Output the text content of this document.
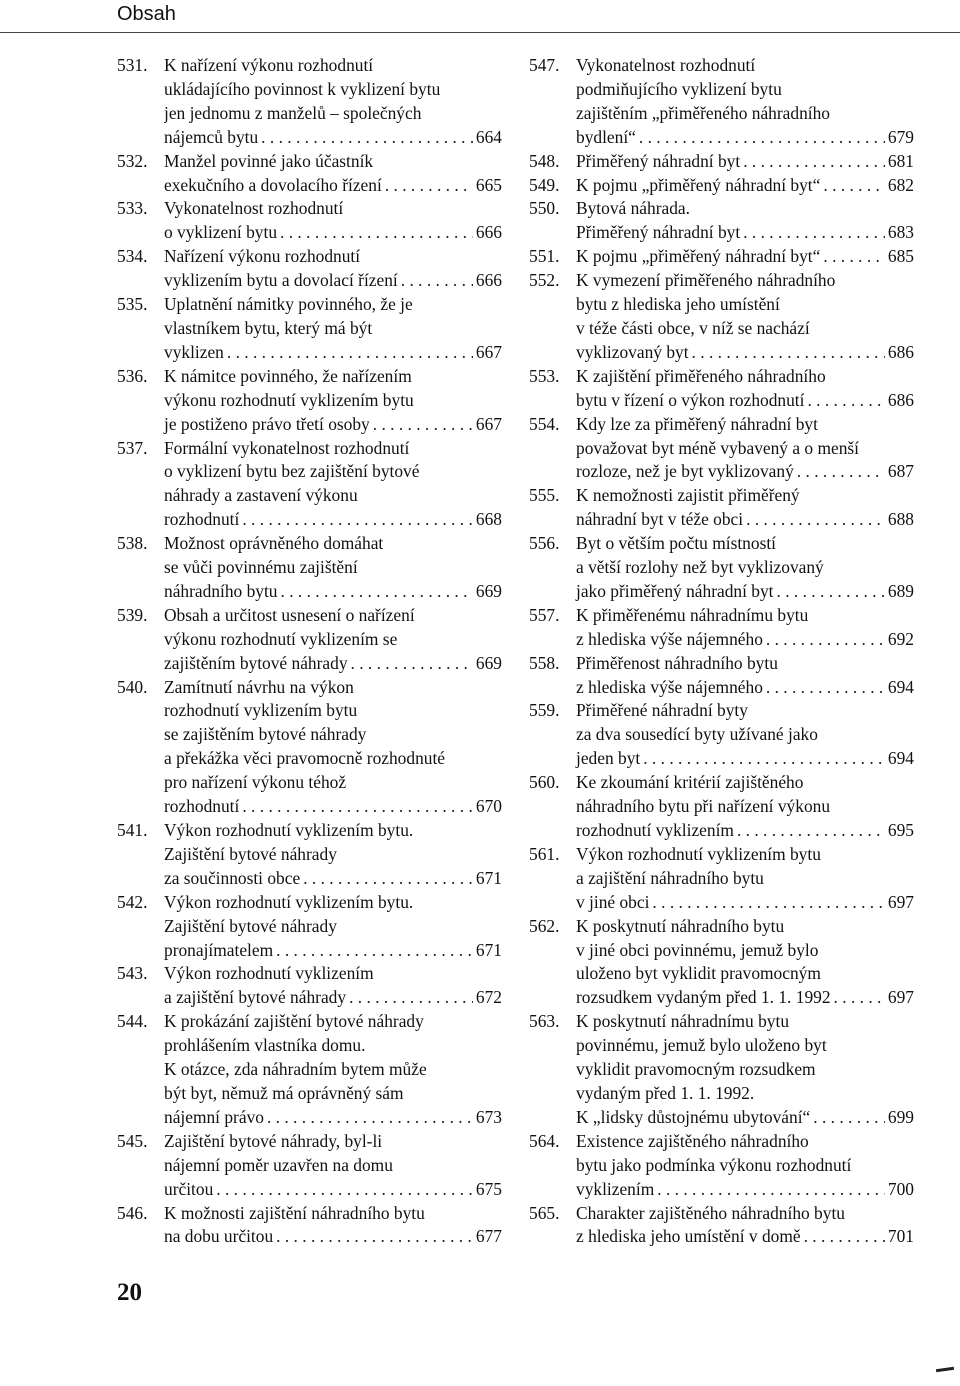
Obsah
531. K nařízení výkonu rozhodnutí
ukládajícího povinnost k vyklizení bytu
jen jednomu z manželů – společných
nájemců bytu . . .	664
532. Manžel povinné jako účastník
exekučního a dovolacího řízení . . .	665
533. Vykonatelnost rozhodnutí
o vyklizení bytu . . .	666
534. Nařízení výkonu rozhodnutí
vyklizením bytu a dovolací řízení . . .	666
535. Uplatnění námitky povinného, že je
vlastníkem bytu, který má být
vyklizen . . .	667
536. K námitce povinného, že nařízením
výkonu rozhodnutí vyklizením bytu
je postiženo právo třetí osoby . . .	667
537. Formální vykonatelnost rozhodnutí
o vyklizení bytu bez zajištění bytové
náhrady a zastavení výkonu
rozhodnutí . . .	668
538. Možnost oprávněného domáhat
se vůči povinnému zajištění
náhradního bytu . . .	669
539. Obsah a určitost usnesení o nařízení
výkonu rozhodnutí vyklizením se
zajištěním bytové náhrady . . .	669
540. Zamítnutí návrhu na výkon
rozhodnutí vyklizením bytu
se zajištěním bytové náhrady
a překážka věci pravomocně rozhodnuté
pro nařízení výkonu téhož
rozhodnutí . . .	670
541. Výkon rozhodnutí vyklizením bytu.
Zajištění bytové náhrady
za součinnosti obce . . .	671
542. Výkon rozhodnutí vyklizením bytu.
Zajištění bytové náhrady
pronajímatelem . . .	671
543. Výkon rozhodnutí vyklizením
a zajištění bytové náhrady . . .	672
544. K prokázání zajištění bytové náhrady
prohlášením vlastníka domu.
K otázce, zda náhradním bytem může
být byt, němuž má oprávněný sám
nájemní právo . . .	673
545. Zajištění bytové náhrady, byl-li
nájemní poměr uzavřen na domu
určitou . . .	675
546. K možnosti zajištění náhradního bytu
na dobu určitou . . .	677
547. Vykonatelnost rozhodnutí
podmiňujícího vyklizení bytu
zajištěním „přiměřeného náhradního
bydlení“ . . .	679
548. Přiměřený náhradní byt . . .	681
549. K pojmu „přiměřený náhradní byt“ . . .	682
550. Bytová náhrada.
Přiměřený náhradní byt . . .	683
551. K pojmu „přiměřený náhradní byt“ . . .	685
552. K vymezení přiměřeného náhradního
bytu z hlediska jeho umístění
v téže části obce, v níž se nachází
vyklizovaný byt . . .	686
553. K zajištění přiměřeného náhradního
bytu v řízení o výkon rozhodnutí . . .	686
554. Kdy lze za přiměřený náhradní byt
považovat byt méně vybavený a o menší
rozloze, než je byt vyklizovaný . . .	687
555. K nemožnosti zajistit přiměřený
náhradní byt v téže obci . . .	688
556. Byt o větším počtu místností
a větší rozlohy než byt vyklizovaný
jako přiměřený náhradní byt . . .	689
557. K přiměřenému náhradnímu bytu
z hlediska výše nájemného . . .	692
558. Přiměřenost náhradního bytu
z hlediska výše nájemného . . .	694
559. Přiměřené náhradní byty
za dva sousedící byty užívané jako
jeden byt . . .	694
560. Ke zkoumání kritérií zajištěného
náhradního bytu při nařízení výkonu
rozhodnutí vyklizením . . .	695
561. Výkon rozhodnutí vyklizením bytu
a zajištění náhradního bytu
v jiné obci . . .	697
562. K poskytnutí náhradního bytu
v jiné obci povinnému, jemuž bylo
uloženo byt vyklidit pravomocným
rozsudkem vydaným před 1. 1. 1992 . . .	697
563. K poskytnutí náhradnímu bytu
povinnému, jemuž bylo uloženo byt
vyklidit pravomocným rozsudkem
vydaným před 1. 1. 1992.
K „lidsky důstojnému ubytování“ . . .	699
564. Existence zajištěného náhradního
bytu jako podmínka výkonu rozhodnutí
vyklizením . . .	700
565. Charakter zajištěného náhradního bytu
z hlediska jeho umístění v domě . . .	701
20
